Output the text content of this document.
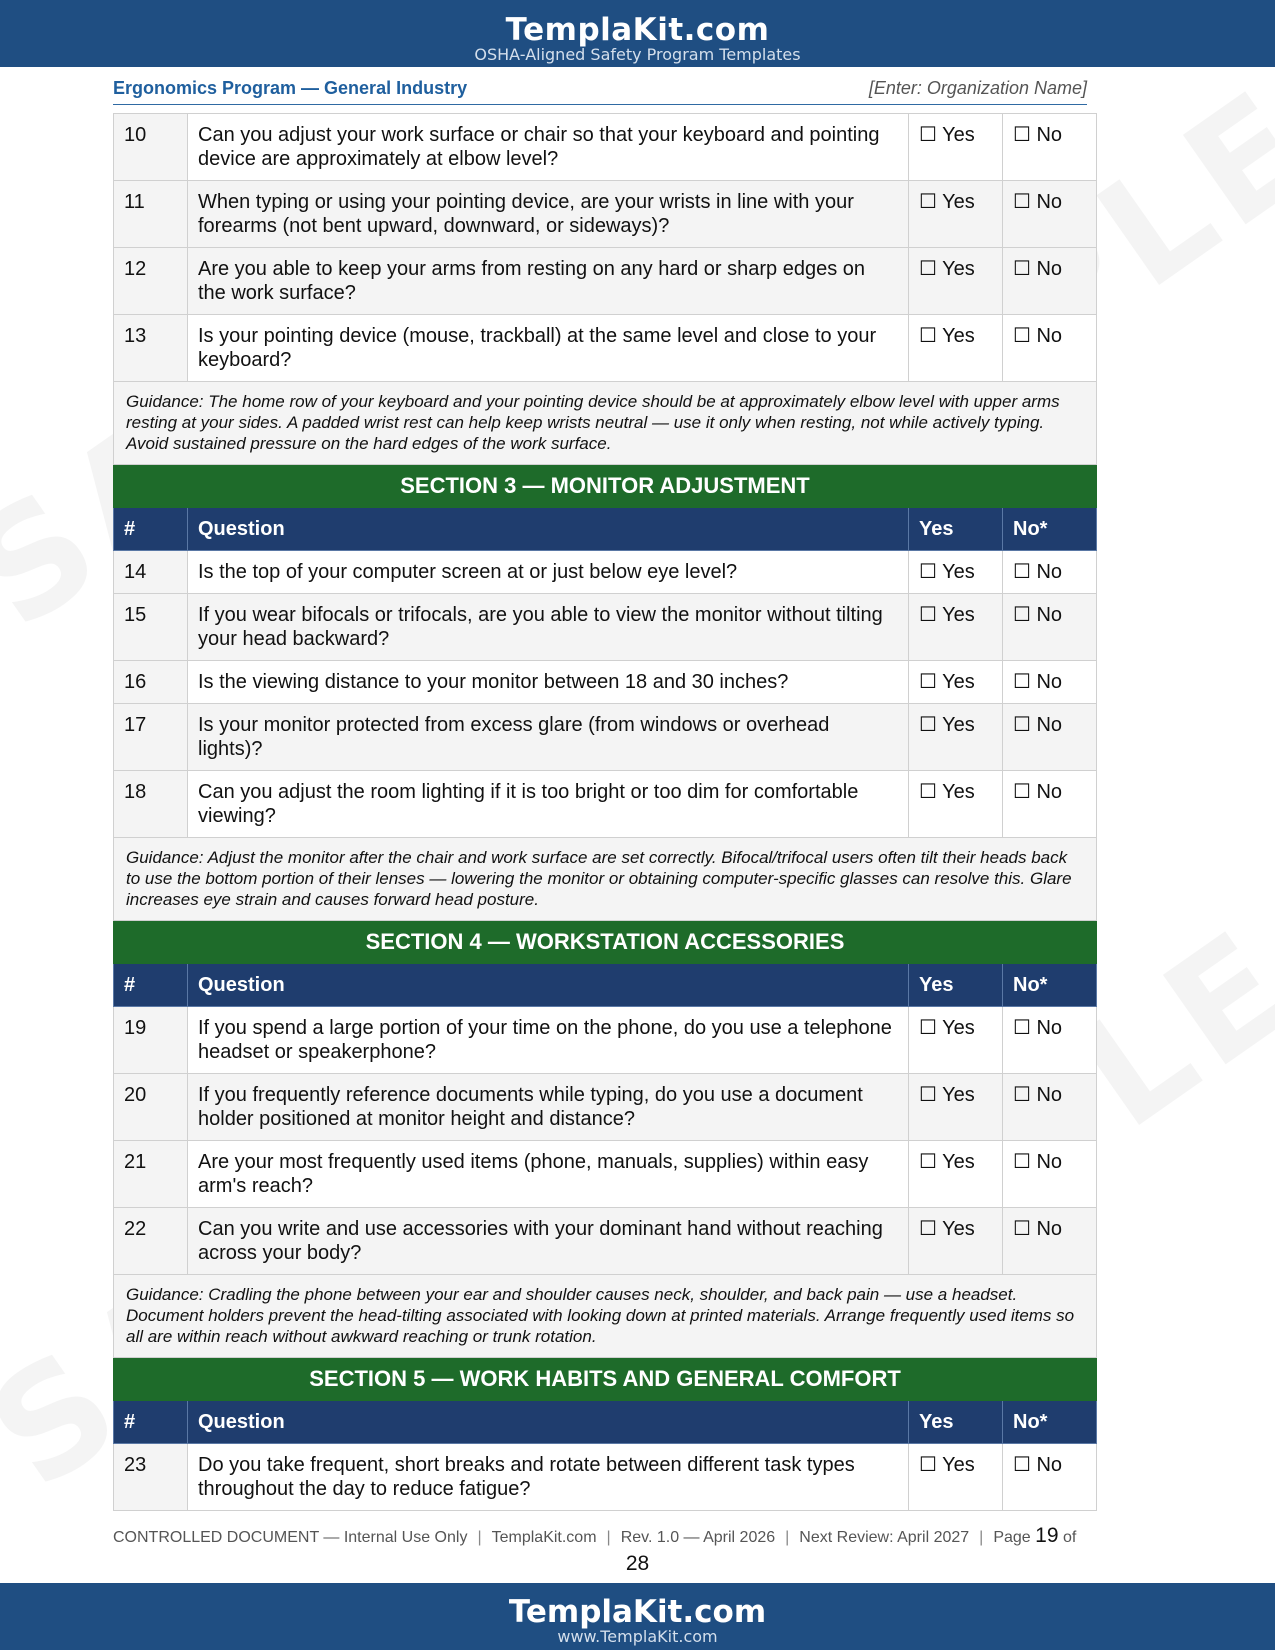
TemplaKit.com
OSHA-Aligned Safety Program Templates
Ergonomics Program — General Industry	[Enter: Organization Name]
10	Can you adjust your work surface or chair so that your keyboard and pointing device are approximately at elbow level?	☐ Yes	☐ No
11	When typing or using your pointing device, are your wrists in line with your forearms (not bent upward, downward, or sideways)?	☐ Yes	☐ No
12	Are you able to keep your arms from resting on any hard or sharp edges on the work surface?	☐ Yes	☐ No
13	Is your pointing device (mouse, trackball) at the same level and close to your keyboard?	☐ Yes	☐ No
Guidance: The home row of your keyboard and your pointing device should be at approximately elbow level with upper arms resting at your sides. A padded wrist rest can help keep wrists neutral — use it only when resting, not while actively typing. Avoid sustained pressure on the hard edges of the work surface.			
SECTION 3 — MONITOR ADJUSTMENT			
#	Question	Yes	No*
14	Is the top of your computer screen at or just below eye level?	☐ Yes	☐ No
15	If you wear bifocals or trifocals, are you able to view the monitor without tilting your head backward?	☐ Yes	☐ No
16	Is the viewing distance to your monitor between 18 and 30 inches?	☐ Yes	☐ No
17	Is your monitor protected from excess glare (from windows or overhead lights)?	☐ Yes	☐ No
18	Can you adjust the room lighting if it is too bright or too dim for comfortable viewing?	☐ Yes	☐ No
Guidance: Adjust the monitor after the chair and work surface are set correctly. Bifocal/trifocal users often tilt their heads back to use the bottom portion of their lenses — lowering the monitor or obtaining computer-specific glasses can resolve this. Glare increases eye strain and causes forward head posture.			
SECTION 4 — WORKSTATION ACCESSORIES			
#	Question	Yes	No*
19	If you spend a large portion of your time on the phone, do you use a telephone headset or speakerphone?	☐ Yes	☐ No
20	If you frequently reference documents while typing, do you use a document holder positioned at monitor height and distance?	☐ Yes	☐ No
21	Are your most frequently used items (phone, manuals, supplies) within easy arm's reach?	☐ Yes	☐ No
22	Can you write and use accessories with your dominant hand without reaching across your body?	☐ Yes	☐ No
Guidance: Cradling the phone between your ear and shoulder causes neck, shoulder, and back pain — use a headset. Document holders prevent the head-tilting associated with looking down at printed materials. Arrange frequently used items so all are within reach without awkward reaching or trunk rotation.			
SECTION 5 — WORK HABITS AND GENERAL COMFORT			
#	Question	Yes	No*
23	Do you take frequent, short breaks and rotate between different task types throughout the day to reduce fatigue?	☐ Yes	☐ No
CONTROLLED DOCUMENT — Internal Use Only | TemplaKit.com | Rev. 1.0 — April 2026 | Next Review: April 2027 | Page 19 of
28
TemplaKit.com
www.TemplaKit.com
